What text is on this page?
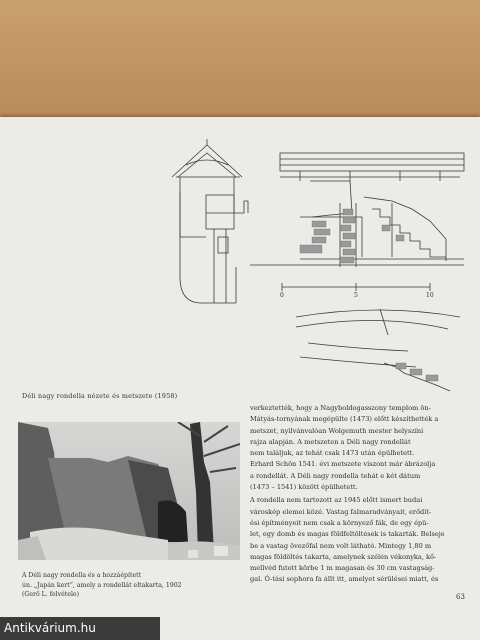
0	5	10
Déli nagy rondella nézete és metszete (1958)
A Déli nagy rondella és a hozzáépített
ún. „Japán kert”, amely a rondellát eltakarta, 1902
(Gerő L. felvétele)
verkeztették, hogy a Nagyboldogasszony templom ön-
Mátyás-tornyának megépülte (1473) előtt készíthették a
metszet, nyilvánvalóan Wolgemuth mester helyszíni
rajza alapján. A metszeten a Déli nagy rondellát
nem találjuk, az tehát csak 1473 után épülhetett.
Erhard Schön 1541. évi metszete viszont már ábrázolja
a rondellát. A Déli nagy rondella tehát e két dátum
(1473 – 1541) között épülhetett.
A rondella nem tartozott az 1945 előtt ismert budai
városkép elemei közé. Vastag falmaradványait, erődít-
ési építményeit nem csak a környező fák, de egy épü-
let, egy domb és magas földfeltöltések is takarták. Belseje
be a vastag övezőfal nem volt látható. Mintegy 1,80 m
magas földöltés takarta, amelynek szélén vékonyka, kő-
mellvéd futott körbe 1 m magasan és 30 cm vastagság-
gal. Ó-tási sophora fa állt itt, amelyet sérülései miatt, és
63
Antikvárium.hu
